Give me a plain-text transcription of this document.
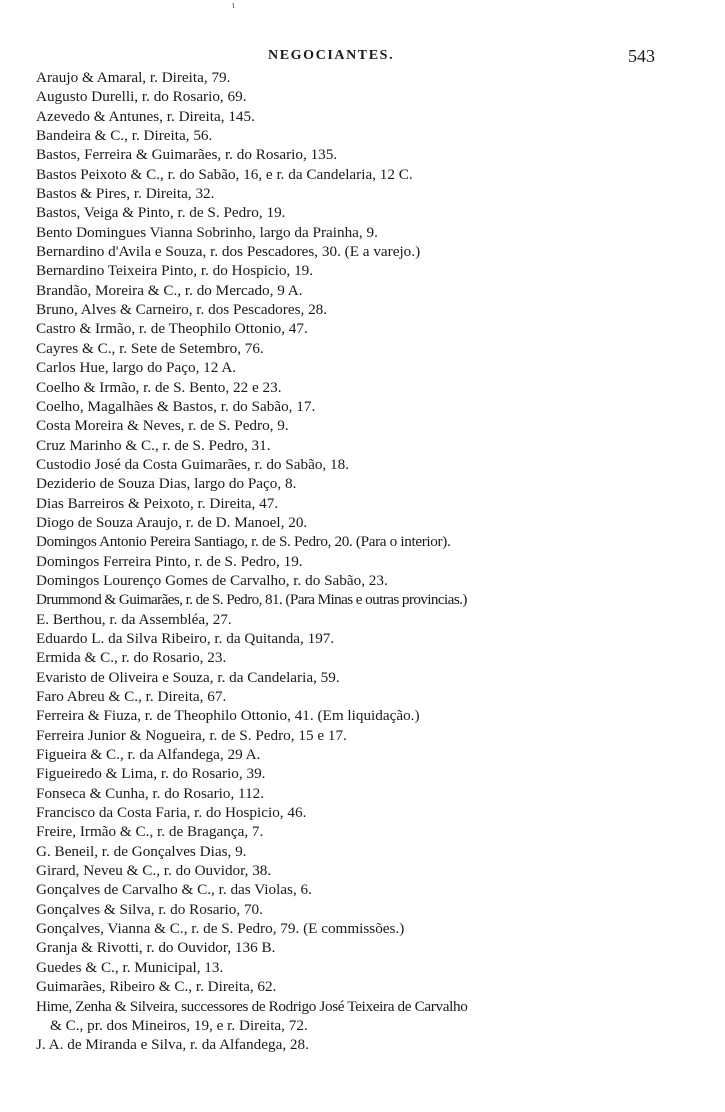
ι
NEGOCIANTES.	543
Araujo & Amaral, r. Direita, 79.
Augusto Durelli, r. do Rosario, 69.
Azevedo & Antunes, r. Direita, 145.
Bandeira & C., r. Direita, 56.
Bastos, Ferreira & Guimarães, r. do Rosario, 135.
Bastos Peixoto & C., r. do Sabão, 16, e r. da Candelaria, 12 C.
Bastos & Pires, r. Direita, 32.
Bastos, Veiga & Pinto, r. de S. Pedro, 19.
Bento Domingues Vianna Sobrinho, largo da Prainha, 9.
Bernardino d'Avila e Souza, r. dos Pescadores, 30. (E a varejo.)
Bernardino Teixeira Pinto, r. do Hospicio, 19.
Brandão, Moreira & C., r. do Mercado, 9 A.
Bruno, Alves & Carneiro, r. dos Pescadores, 28.
Castro & Irmão, r. de Theophilo Ottonio, 47.
Cayres & C., r. Sete de Setembro, 76.
Carlos Hue, largo do Paço, 12 A.
Coelho & Irmão, r. de S. Bento, 22 e 23.
Coelho, Magalhães & Bastos, r. do Sabão, 17.
Costa Moreira & Neves, r. de S. Pedro, 9.
Cruz Marinho & C., r. de S. Pedro, 31.
Custodio José da Costa Guimarães, r. do Sabão, 18.
Deziderio de Souza Dias, largo do Paço, 8.
Dias Barreiros & Peixoto, r. Direita, 47.
Diogo de Souza Araujo, r. de D. Manoel, 20.
Domingos Antonio Pereira Santiago, r. de S. Pedro, 20. (Para o interior).
Domingos Ferreira Pinto, r. de S. Pedro, 19.
Domingos Lourenço Gomes de Carvalho, r. do Sabão, 23.
Drummond & Guimarães, r. de S. Pedro, 81. (Para Minas e outras provincias.)
E. Berthou, r. da Assembléa, 27.
Eduardo L. da Silva Ribeiro, r. da Quitanda, 197.
Ermida & C., r. do Rosario, 23.
Evaristo de Oliveira e Souza, r. da Candelaria, 59.
Faro Abreu & C., r. Direita, 67.
Ferreira & Fiuza, r. de Theophilo Ottonio, 41. (Em liquidação.)
Ferreira Junior & Nogueira, r. de S. Pedro, 15 e 17.
Figueira & C., r. da Alfandega, 29 A.
Figueiredo & Lima, r. do Rosario, 39.
Fonseca & Cunha, r. do Rosario, 112.
Francisco da Costa Faria, r. do Hospicio, 46.
Freire, Irmão & C., r. de Bragança, 7.
G. Beneil, r. de Gonçalves Dias, 9.
Girard, Neveu & C., r. do Ouvidor, 38.
Gonçalves de Carvalho & C., r. das Violas, 6.
Gonçalves & Silva, r. do Rosario, 70.
Gonçalves, Vianna & C., r. de S. Pedro, 79. (E commissões.)
Granja & Rivotti, r. do Ouvidor, 136 B.
Guedes & C., r. Municipal, 13.
Guimarães, Ribeiro & C., r. Direita, 62.
Hime, Zenha & Silveira, successores de Rodrigo José Teixeira de Carvalho
& C., pr. dos Mineiros, 19, e r. Direita, 72.
J. A. de Miranda e Silva, r. da Alfandega, 28.
